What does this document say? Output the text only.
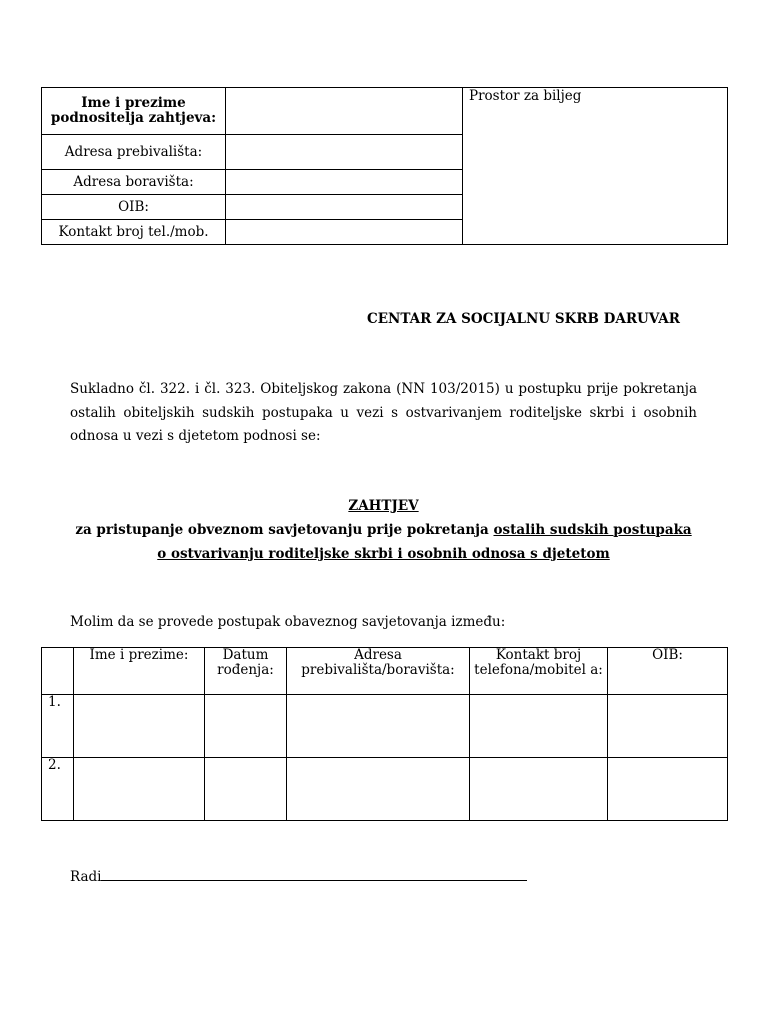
Ime i prezime podnositelja zahtjeva:		Prostor za biljeg
Adresa prebivališta:		
Adresa boravišta:		
OIB:		
Kontakt broj tel./mob.		
CENTAR ZA SOCIJALNU SKRB DARUVAR
Sukladno čl. 322. i čl. 323. Obiteljskog zakona (NN 103/2015) u postupku prije pokretanja ostalih obiteljskih sudskih postupaka u vezi s ostvarivanjem roditeljske skrbi i osobnih odnosa u vezi s djetetom podnosi se:
ZAHTJEV
za pristupanje obveznom savjetovanju prije pokretanja ostalih sudskih postupaka o ostvarivanju roditeljske skrbi i osobnih odnosa s djetetom
Molim da se provede postupak obaveznog savjetovanja između:
	Ime i prezime:	Datum rođenja:	Adresa prebivališta/boravišta:	Kontakt broj telefona/mobitel a:	OIB:
1.					
2.					
Radi
